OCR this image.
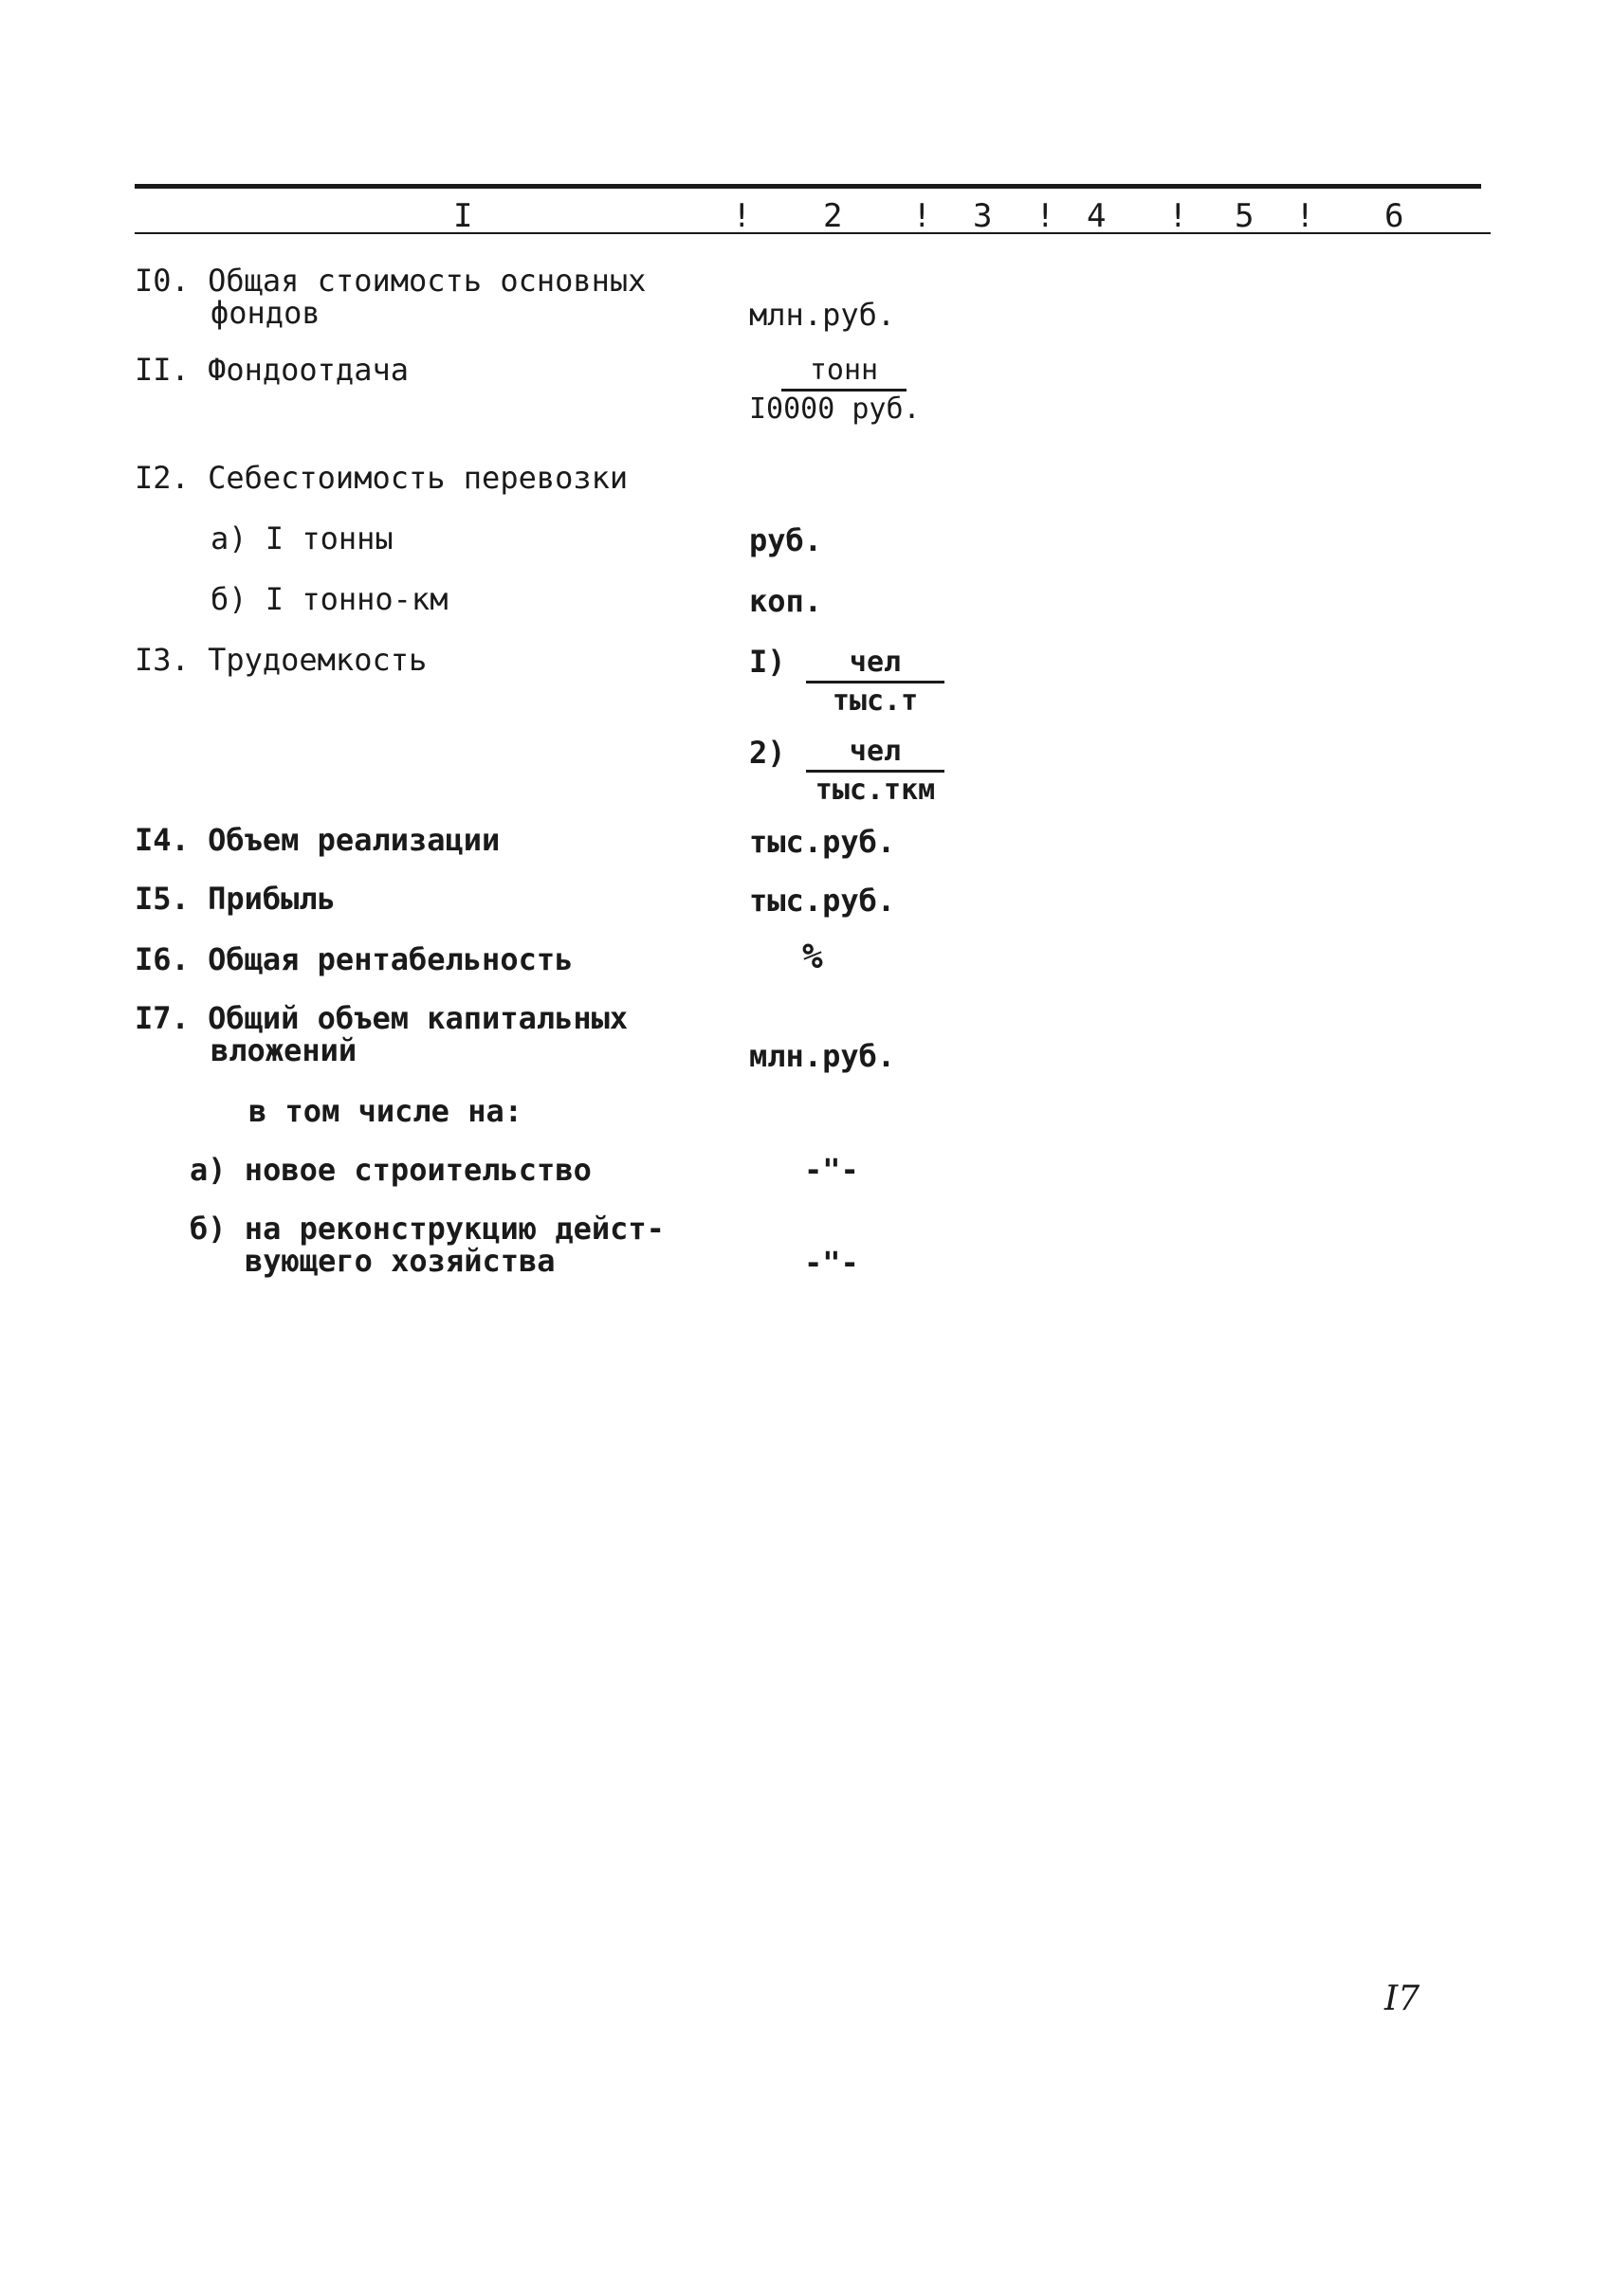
I	! 2 ! 3 ! 4 ! 5 ! 6
I0. Общая стоимость основных
фондов	млн.руб.
II. Фондоотдача	тонн
I0000 руб.
I2. Себестоимость перевозки
а) I тонны	руб.
б) I тонно-км	коп.
I3. Трудоемкость	I)	чел
тыс.т
2)	чел
тыс.ткм
I4. Объем реализации	тыс.руб.
I5. Прибыль	тыс.руб.
I6. Общая рентабельность	%
I7. Общий объем капитальных
вложений	млн.руб.
в том числе на:
а) новое строительство	-"-
б) на реконструкцию дейст-
вующего хозяйства	-"-
I7
